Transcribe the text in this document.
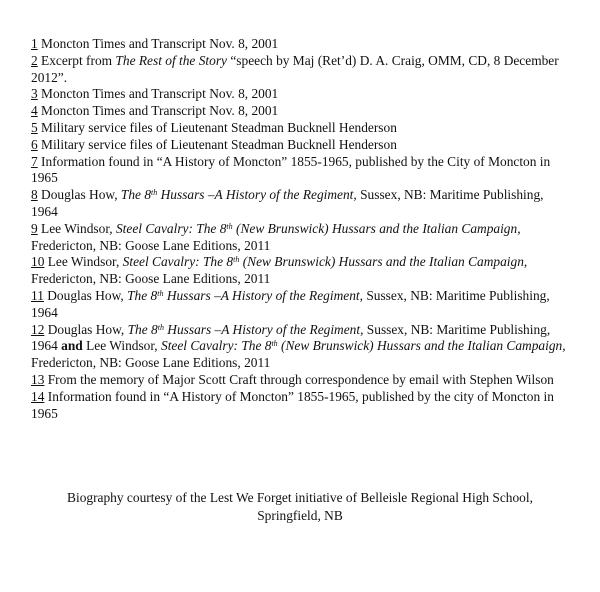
1 Moncton Times and Transcript Nov. 8, 2001

2 Excerpt from The Rest of the Story “speech by Maj (Ret’d) D. A. Craig, OMM, CD, 8 December 2012”.

3 Moncton Times and Transcript Nov. 8, 2001

4 Moncton Times and Transcript Nov. 8, 2001

5 Military service files of Lieutenant Steadman Bucknell Henderson

6 Military service files of Lieutenant Steadman Bucknell Henderson

7 Information found in “A History of Moncton” 1855-1965, published by the City of Moncton in 1965

8 Douglas How, The 8th Hussars –A History of the Regiment, Sussex, NB: Maritime Publishing, 1964

9 Lee Windsor, Steel Cavalry: The 8th (New Brunswick) Hussars and the Italian Campaign, Fredericton, NB: Goose Lane Editions, 2011

10 Lee Windsor, Steel Cavalry: The 8th (New Brunswick) Hussars and the Italian Campaign, Fredericton, NB: Goose Lane Editions, 2011

11 Douglas How, The 8th Hussars –A History of the Regiment, Sussex, NB: Maritime Publishing, 1964

12 Douglas How, The 8th Hussars –A History of the Regiment, Sussex, NB: Maritime Publishing, 1964 and Lee Windsor, Steel Cavalry: The 8th (New Brunswick) Hussars and the Italian Campaign, Fredericton, NB: Goose Lane Editions, 2011

13 From the memory of Major Scott Craft through correspondence by email with Stephen Wilson

14 Information found in “A History of Moncton” 1855-1965, published by the city of Moncton in 1965

Biography courtesy of the Lest We Forget initiative of Belleisle Regional High School,
Springfield, NB
